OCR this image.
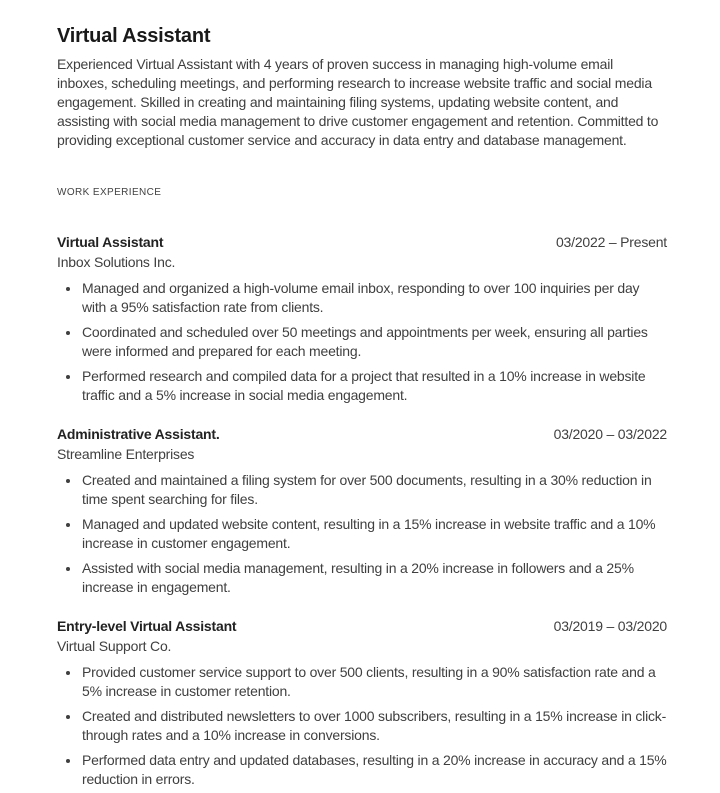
Virtual Assistant

Experienced Virtual Assistant with 4 years of proven success in managing high-volume email inboxes, scheduling meetings, and performing research to increase website traffic and social media engagement. Skilled in creating and maintaining filing systems, updating website content, and assisting with social media management to drive customer engagement and retention. Committed to providing exceptional customer service and accuracy in data entry and database management.

WORK EXPERIENCE
Virtual Assistant	03/2022 – Present
Inbox Solutions Inc.
Managed and organized a high-volume email inbox, responding to over 100 inquiries per day with a 95% satisfaction rate from clients.
Coordinated and scheduled over 50 meetings and appointments per week, ensuring all parties were informed and prepared for each meeting.
Performed research and compiled data for a project that resulted in a 10% increase in website traffic and a 5% increase in social media engagement.
Administrative Assistant.	03/2020 – 03/2022
Streamline Enterprises
Created and maintained a filing system for over 500 documents, resulting in a 30% reduction in time spent searching for files.
Managed and updated website content, resulting in a 15% increase in website traffic and a 10% increase in customer engagement.
Assisted with social media management, resulting in a 20% increase in followers and a 25% increase in engagement.
Entry-level Virtual Assistant	03/2019 – 03/2020
Virtual Support Co.
Provided customer service support to over 500 clients, resulting in a 90% satisfaction rate and a 5% increase in customer retention.
Created and distributed newsletters to over 1000 subscribers, resulting in a 15% increase in click-through rates and a 10% increase in conversions.
Performed data entry and updated databases, resulting in a 20% increase in accuracy and a 15% reduction in errors.
